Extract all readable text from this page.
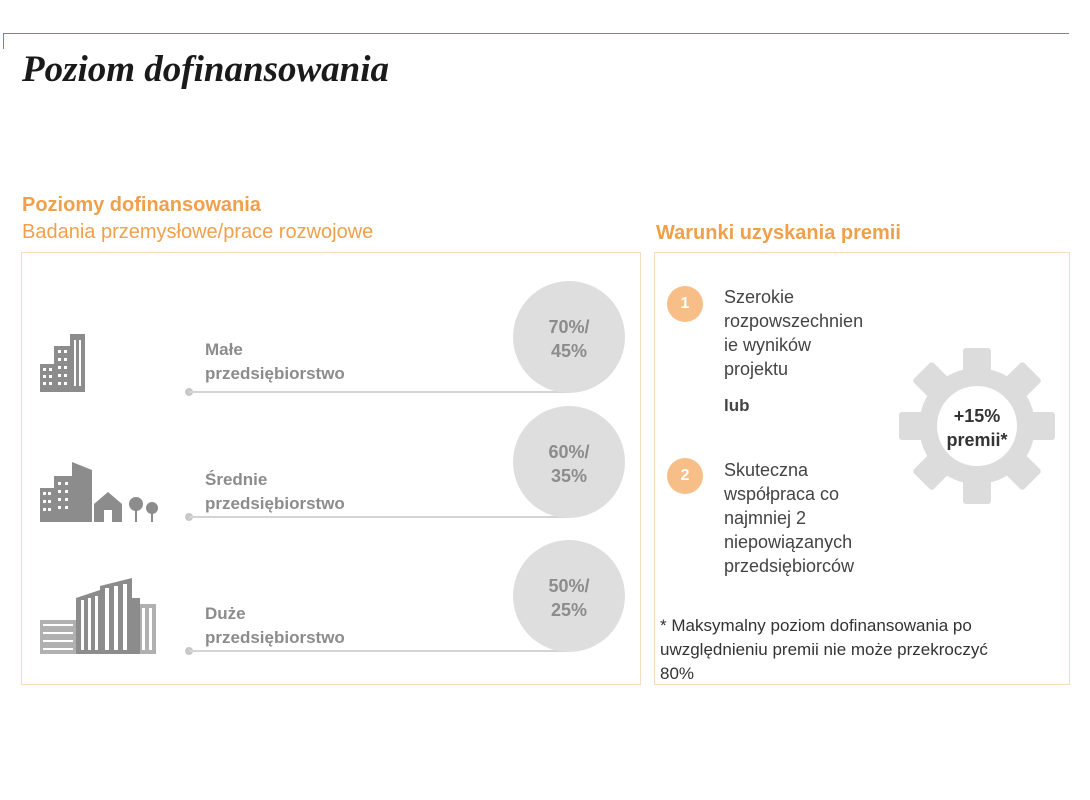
Poziom dofinansowania
Poziomy dofinansowania
Badania przemysłowe/prace rozwojowe
Małe
przedsiębiorstwo
70%/
45%
Średnie
przedsiębiorstwo
60%/
35%
Duże
przedsiębiorstwo
50%/
25%
Warunki uzyskania premii
1	Szerokie
rozpowszechnien
ie wyników
projektu
lub
2	Skuteczna
współpraca co
najmniej 2
niepowiązanych
przedsiębiorców
+15%
premii*
* Maksymalny poziom dofinansowania po
uwzględnieniu premii nie może przekroczyć
80%
